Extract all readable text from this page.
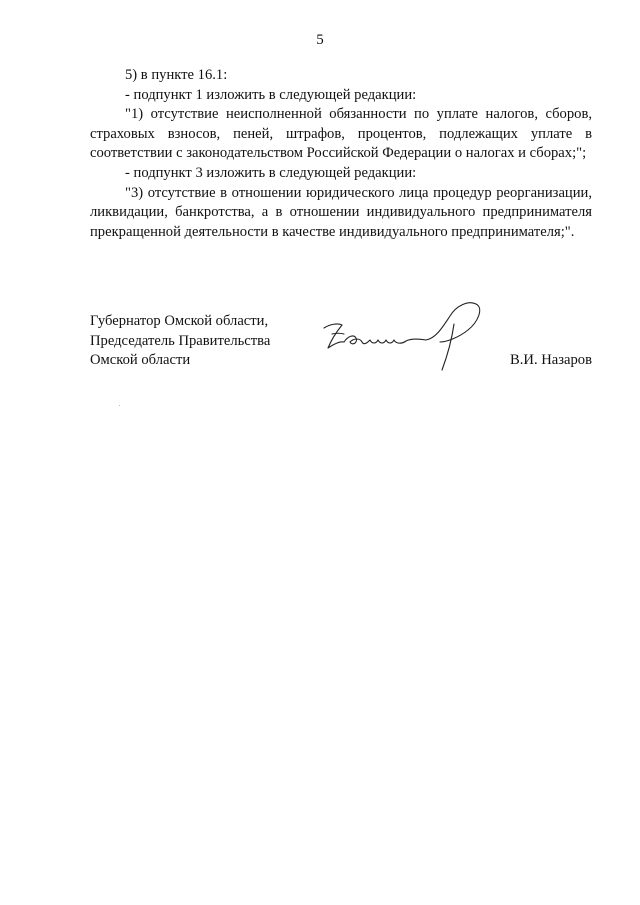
5

5) в пункте 16.1:

- подпункт 1 изложить в следующей редакции:

"1) отсутствие неисполненной обязанности по уплате налогов, сборов, страховых взносов, пеней, штрафов, процентов, подлежащих уплате в соответствии с законодательством Российской Федерации о налогах и сборах;";

- подпункт 3 изложить в следующей редакции:

"3) отсутствие в отношении юридического лица процедур реорганизации, ликвидации, банкротства, а в отношении индивидуального предпринимателя прекращенной деятельности в качестве индивидуального предпринимателя;".

Губернатор Омской области,
Председатель Правительства
Омской области	В.И. Назаров
